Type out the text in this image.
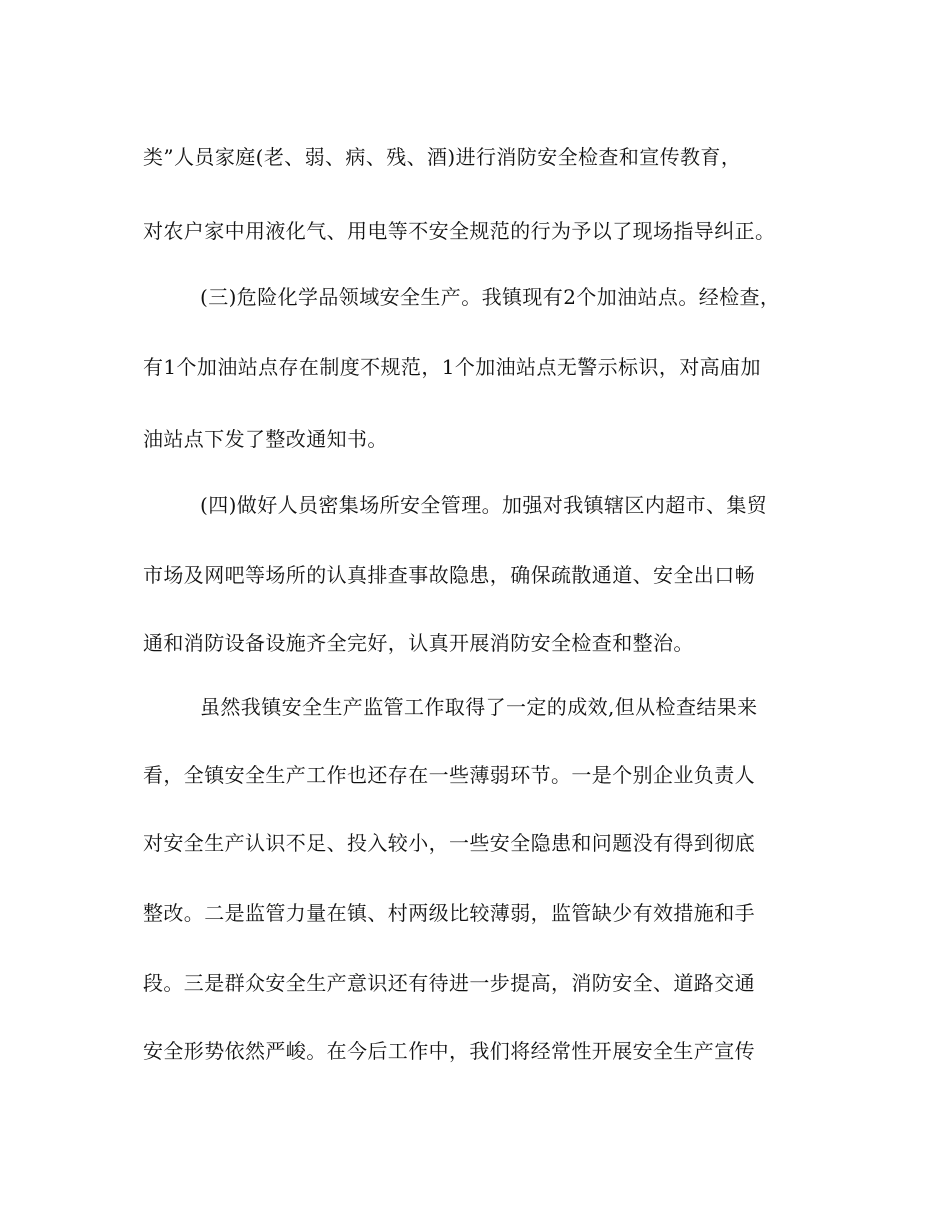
类”人员家庭(老、弱、病、残、酒)进行消防安全检查和宣传教育，
对农户家中用液化气、用电等不安全规范的行为予以了现场指导纠正。
(三)危险化学品领域安全生产。我镇现有2个加油站点。经检查，
有1个加油站点存在制度不规范，1个加油站点无警示标识，对高庙加
油站点下发了整改通知书。
(四)做好人员密集场所安全管理。加强对我镇辖区内超市、集贸
市场及网吧等场所的认真排查事故隐患，确保疏散通道、安全出口畅
通和消防设备设施齐全完好，认真开展消防安全检查和整治。
虽然我镇安全生产监管工作取得了一定的成效,但从检查结果来
看，全镇安全生产工作也还存在一些薄弱环节。一是个别企业负责人
对安全生产认识不足、投入较小，一些安全隐患和问题没有得到彻底
整改。二是监管力量在镇、村两级比较薄弱，监管缺少有效措施和手
段。三是群众安全生产意识还有待进一步提高，消防安全、道路交通
安全形势依然严峻。在今后工作中，我们将经常性开展安全生产宣传
